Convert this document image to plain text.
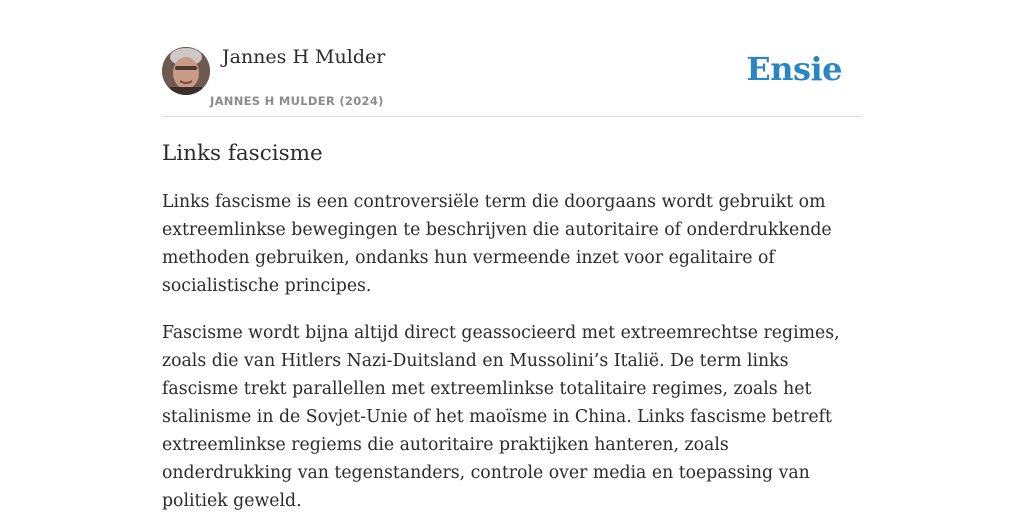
Jannes H Mulder
JANNES H MULDER (2024)
Ensie
Links fascisme

Links fascisme is een controversiële term die doorgaans wordt gebruikt om extreemlinkse bewegingen te beschrijven die autoritaire of onderdrukkende methoden gebruiken, ondanks hun vermeende inzet voor egalitaire of socialistische principes.

Fascisme wordt bijna altijd direct geassocieerd met extreemrechtse regimes, zoals die van Hitlers Nazi-Duitsland en Mussolini’s Italië. De term links fascisme trekt parallellen met extreemlinkse totalitaire regimes, zoals het stalinisme in de Sovjet-Unie of het maoïsme in China. Links fascisme betreft extreemlinkse regiems die autoritaire praktijken hanteren, zoals onderdrukking van tegenstanders, controle over media en toepassing van politiek geweld.
